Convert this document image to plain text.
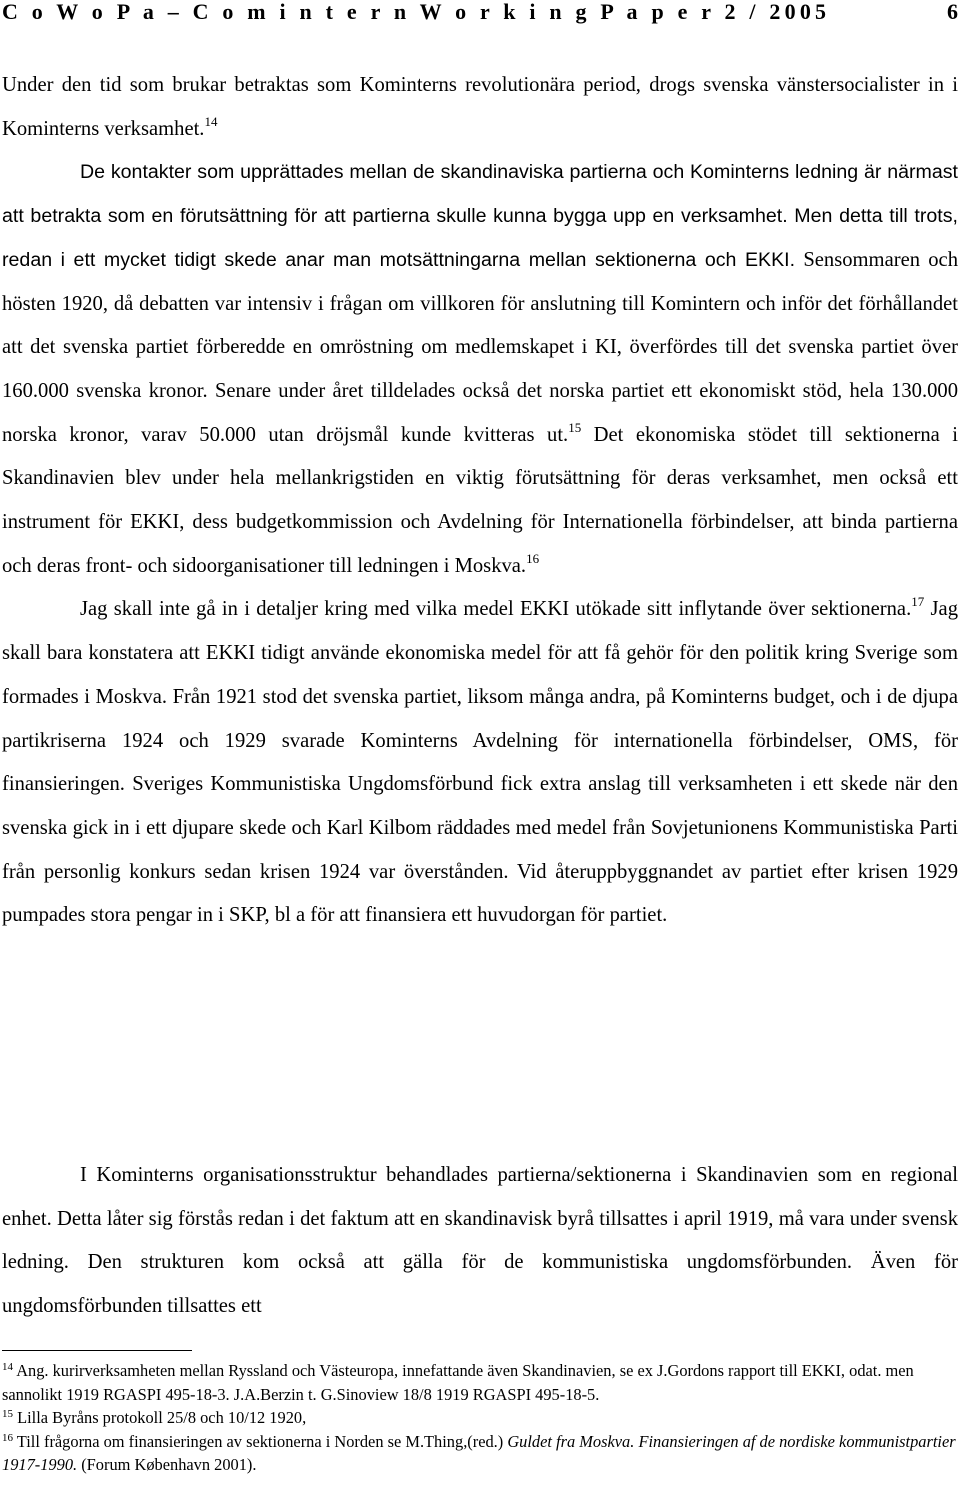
C o W o P a – C o m i n t e r n W o r k i n g P a p e r 2 / 2005	6

Under den tid som brukar betraktas som Kominterns revolutionära period, drogs svenska vänstersocialister in i Kominterns verksamhet.$^{14}$

De kontakter som upprättades mellan de skandinaviska partierna och Kominterns ledning är närmast att betrakta som en förutsättning för att partierna skulle kunna bygga upp en verksamhet. Men detta till trots, redan i ett mycket tidigt skede anar man motsättningarna mellan sektionerna och EKKI. Sensommaren och hösten 1920, då debatten var intensiv i frågan om villkoren för anslutning till Komintern och inför det förhållandet att det svenska partiet förberedde en omröstning om medlemskapet i KI, överfördes till det svenska partiet över 160.000 svenska kronor. Senare under året tilldelades också det norska partiet ett ekonomiskt stöd, hela 130.000 norska kronor, varav 50.000 utan dröjsmål kunde kvitteras ut.$^{15}$ Det ekonomiska stödet till sektionerna i Skandinavien blev under hela mellankrigstiden en viktig förutsättning för deras verksamhet, men också ett instrument för EKKI, dess budgetkommission och Avdelning för Internationella förbindelser, att binda partierna och deras front- och sidoorganisationer till ledningen i Moskva.$^{16}$

Jag skall inte gå in i detaljer kring med vilka medel EKKI utökade sitt inflytande över sektionerna.$^{17}$ Jag skall bara konstatera att EKKI tidigt använde ekonomiska medel för att få gehör för den politik kring Sverige som formades i Moskva. Från 1921 stod det svenska partiet, liksom många andra, på Kominterns budget, och i de djupa partikriserna 1924 och 1929 svarade Kominterns Avdelning för internationella förbindelser, OMS, för finansieringen. Sveriges Kommunistiska Ungdomsförbund fick extra anslag till verksamheten i ett skede när den svenska gick in i ett djupare skede och Karl Kilbom räddades med medel från Sovjetunionens Kommunistiska Parti från personlig konkurs sedan krisen 1924 var överstånden. Vid återuppbyggnandet av partiet efter krisen 1929 pumpades stora pengar in i SKP, bl a för att finansiera ett huvudorgan för partiet.

I Kominterns organisationsstruktur behandlades partierna/sektionerna i Skandinavien som en regional enhet. Detta låter sig förstås redan i det faktum att en skandinavisk byrå tillsattes i april 1919, må vara under svensk ledning. Den strukturen kom också att gälla för de kommunistiska ungdomsförbunden. Även för ungdomsförbunden tillsattes ett

$^{14}$ Ang. kurirverksamheten mellan Ryssland och Västeuropa, innefattande även Skandinavien, se ex J.Gordons rapport till EKKI, odat. men sannolikt 1919 RGASPI 495-18-3. J.A.Berzin t. G.Sinoview 18/8 1919 RGASPI 495-18-5.

$^{15}$ Lilla Byråns protokoll 25/8 och 10/12 1920,

$^{16}$ Till frågorna om finansieringen av sektionerna i Norden se M.Thing,(red.) Guldet fra Moskva. Finansieringen af de nordiske kommunistpartier 1917-1990. (Forum København 2001).
